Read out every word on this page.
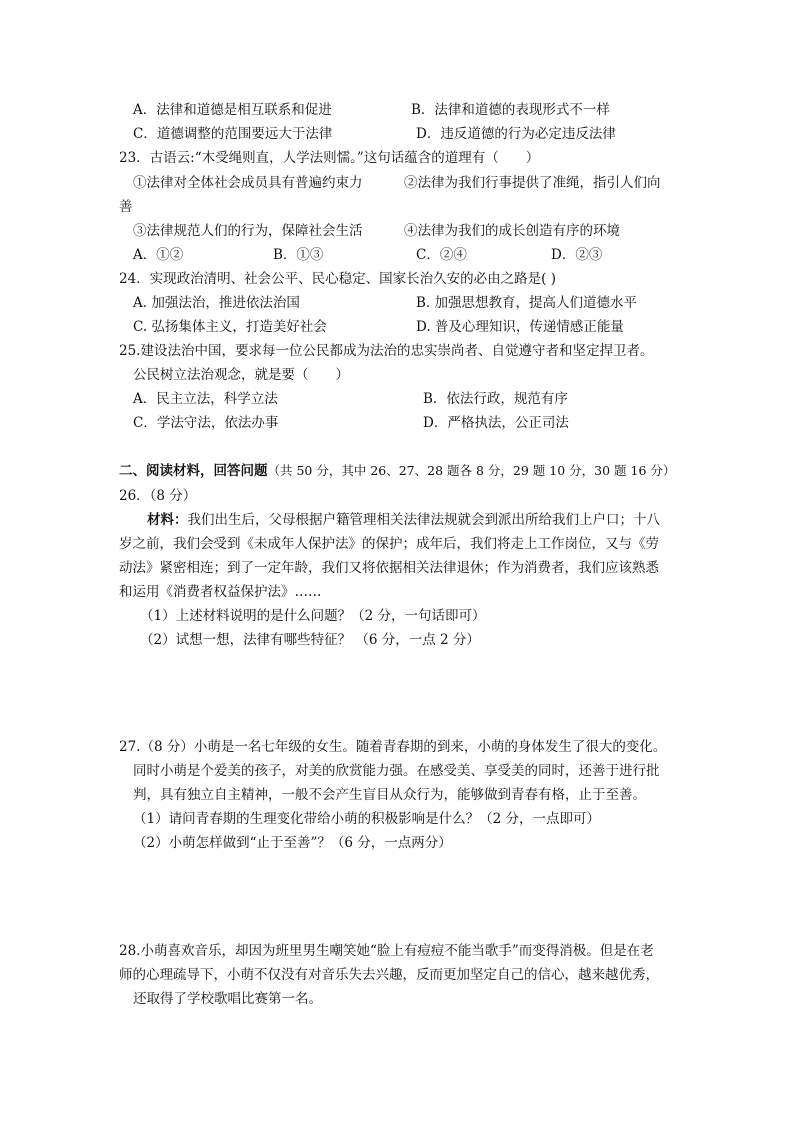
A．法律和道德是相互联系和促进	B．法律和道德的表现形式不一样
C．道德调整的范围要远大于法律	D．违反道德的行为必定违反法律
23．古语云:“木受绳则直，人学法则懦。”这句话蕴含的道理有（　　）
①法律对全体社会成员具有普遍约束力	②法律为我们行事提供了准绳，指引人们向
善
③法律规范人们的行为，保障社会生活	④法律为我们的成长创造有序的环境
A．①②	B．①③	C．②④	D．②③
24．实现政治清明、社会公平、民心稳定、国家长治久安的必由之路是( )
A. 加强法治，推进依法治国	B. 加强思想教育，提高人们道德水平
C. 弘扬集体主义，打造美好社会	D. 普及心理知识，传递情感正能量
25.建设法治中国，要求每一位公民都成为法治的忠实崇尚者、自觉遵守者和坚定捍卫者。
公民树立法治观念，就是要（　　）
A．民主立法，科学立法	B．依法行政，规范有序
C．学法守法，依法办事	D．严格执法，公正司法
二、阅读材料，回答问题（共 50 分，其中 26、27、28 题各 8 分，29 题 10 分，30 题 16 分）
26．（8 分）
材料：我们出生后，父母根据户籍管理相关法律法规就会到派出所给我们上户口；十八
岁之前，我们会受到《未成年人保护法》的保护；成年后，我们将走上工作岗位，又与《劳
动法》紧密相连；到了一定年龄，我们又将依据相关法律退休；作为消费者，我们应该熟悉
和运用《消费者权益保护法》……
（1）上述材料说明的是什么问题？（2 分，一句话即可）
（2）试想一想，法律有哪些特征？ （6 分，一点 2 分）
27.（8 分）小萌是一名七年级的女生。随着青春期的到来，小萌的身体发生了很大的变化。
同时小萌是个爱美的孩子，对美的欣赏能力强。在感受美、享受美的同时，还善于进行批
判，具有独立自主精神，一般不会产生盲目从众行为，能够做到青春有格，止于至善。
（1）请问青春期的生理变化带给小萌的积极影响是什么？（2 分，一点即可）
（2）小萌怎样做到“止于至善”？（6 分，一点两分）
28.小萌喜欢音乐，却因为班里男生嘲笑她“脸上有痘痘不能当歌手”而变得消极。但是在老
师的心理疏导下，小萌不仅没有对音乐失去兴趣，反而更加坚定自己的信心，越来越优秀，
还取得了学校歌唱比赛第一名。
